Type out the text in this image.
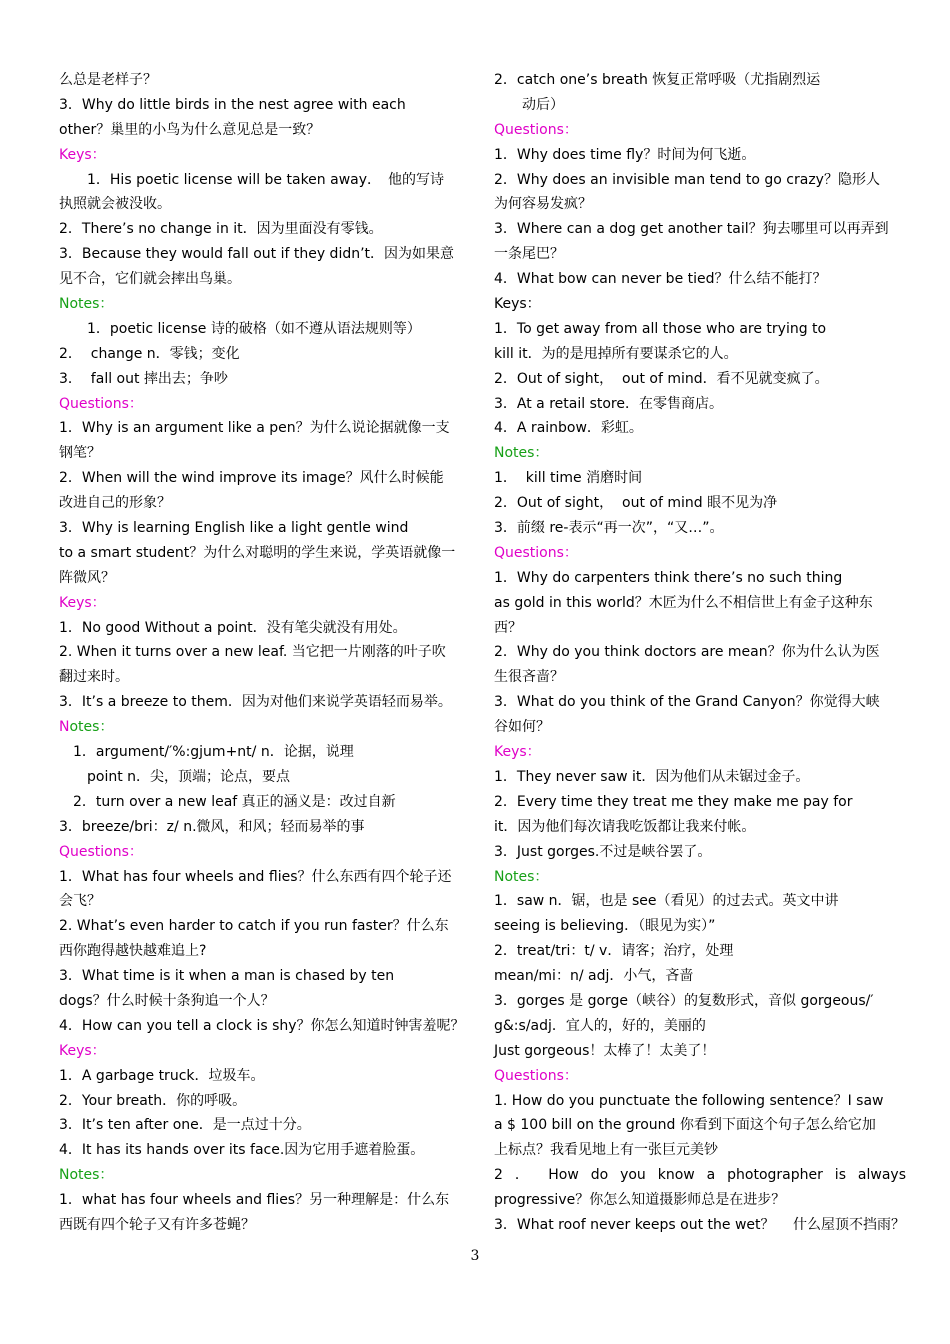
么总是老样子？
3．Why do little birds in the nest agree with each
other？巢里的小鸟为什么意见总是一致？
Keys：
1．His poetic license will be taken away．　他的写诗
执照就会被没收。
2．There’s no change in it．因为里面没有零钱。
3．Because they would fall out if they didn’t．因为如果意
见不合，它们就会摔出鸟巢。
Notes：
1．poetic license 诗的破格（如不遵从语法规则等）
2．  change n．零钱；变化
3．  fall out 摔出去；争吵
Questions：
1．Why is an argument like a pen？为什么说论据就像一支
钢笔？
2．When will the wind improve its image？风什么时候能
改进自己的形象？
3．Why is learning English like a light gentle wind
to a smart student？为什么对聪明的学生来说，学英语就像一
阵微风？
Keys：
1．No good Without a point．没有笔尖就没有用处。
2. When it turns over a new leaf. 当它把一片刚落的叶子吹
翻过来时。
3．It’s a breeze to them．因为对他们来说学英语轻而易举。
Notes：
1．argument/′%:gjum+nt/ n．论据，说理
point n．尖，顶端；论点，要点
2．turn over a new leaf 真正的涵义是：改过自新
3．breeze/bri：z/ n.微风，和风；轻而易举的事
Questions：
1．What has four wheels and flies？什么东西有四个轮子还
会飞？
2. What’s even harder to catch if you run faster？什么东
西你跑得越快越难追上?
3．What time is it when a man is chased by ten
dogs？什么时候十条狗追一个人？
4．How can you tell a clock is shy？你怎么知道时钟害羞呢？
Keys：
1．A garbage truck．垃圾车。
2．Your breath．你的呼吸。
3．It’s ten after one．是一点过十分。
4．It has its hands over its face.因为它用手遮着脸蛋。
Notes：
1．what has four wheels and flies？另一种理解是：什么东
西既有四个轮子又有许多苍蝇？
2．catch one’s breath 恢复正常呼吸（尤指剧烈运
动后）
Questions：
1．Why does time fly？时间为何飞逝。
2．Why does an invisible man tend to go crazy？隐形人
为何容易发疯？
3．Where can a dog get another tail？狗去哪里可以再弄到
一条尾巴？
4．What bow can never be tied？什么结不能打？
Keys：
1．To get away from all those who are trying to
kill it．为的是甩掉所有要谋杀它的人。
2．Out of sight，  out of mind．看不见就变疯了。
3．At a retail store．在零售商店。
4．A rainbow．彩虹。
Notes：
1．  kill time 消磨时间
2．Out of sight，  out of mind 眼不见为净
3．前缀 re-表示“再一次”，“又…”。
Questions：
1．Why do carpenters think there’s no such thing
as gold in this world？木匠为什么不相信世上有金子这种东
西？
2．Why do you think doctors are mean？你为什么认为医
生很吝啬？
3．What do you think of the Grand Canyon？你觉得大峡
谷如何？
Keys：
1．They never saw it．因为他们从未锯过金子。
2．Every time they treat me they make me pay for
it．因为他们每次请我吃饭都让我来付帐。
3．Just gorges.不过是峡谷罢了。
Notes：
1．saw n．锯，也是 see（看见）的过去式。英文中讲
seeing is believing．（眼见为实）”
2．treat/tri：t/ v．请客；治疗，处理
mean/mi：n/ adj．小气，吝啬
3．gorges 是 gorge（峡谷）的复数形式，音似 gorgeous/′
g&:s/adj．宜人的，好的，美丽的
Just gorgeous！太棒了！太美了！
Questions：
1. How do you punctuate the following sentence？I saw
a $ 100 bill on the ground 你看到下面这个句子怎么给它加
上标点？我看见地上有一张巨元美钞
2 ． How do you know a photographer is always
progressive？你怎么知道摄影师总是在进步？
3．What roof never keeps out the wet？　 什么屋顶不挡雨？
3
